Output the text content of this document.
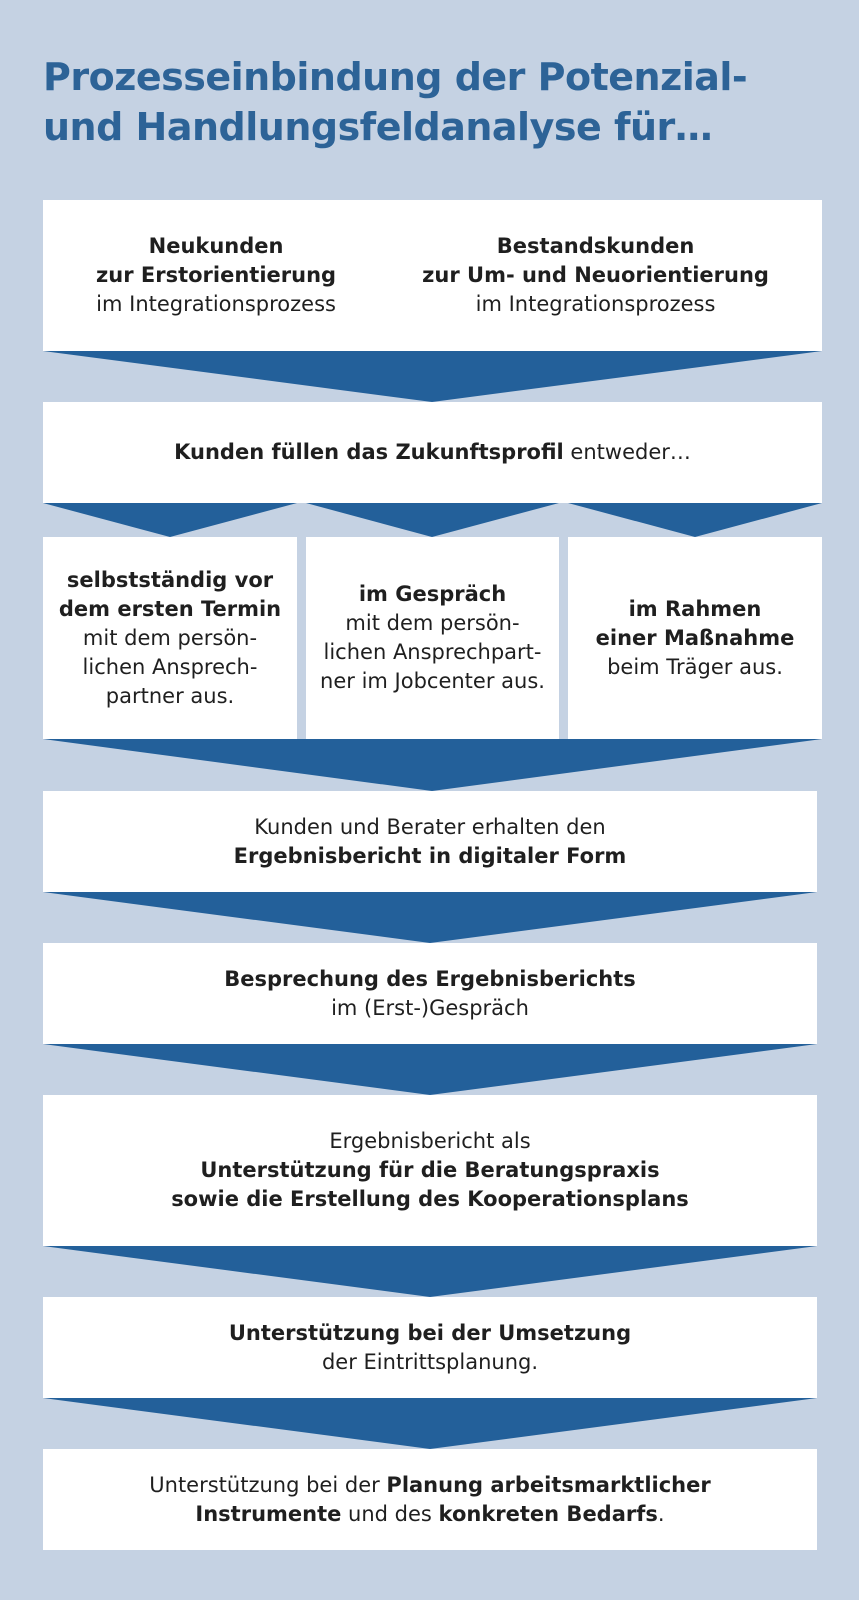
Prozesseinbindung der Potenzial-
und Handlungsfeldanalyse für…
Neukunden
zur Erstorientierung
im Integrationsprozess
Bestandskunden
zur Um- und Neuorientierung
im Integrationsprozess
Kunden füllen das Zukunftsprofil entweder…
selbstständig vor
dem ersten Termin
mit dem persön-
lichen Ansprech-
partner aus.
im Gespräch
mit dem persön-
lichen Ansprechpart-
ner im Jobcenter aus.
im Rahmen
einer Maßnahme
beim Träger aus.
Kunden und Berater erhalten den
Ergebnisbericht in digitaler Form
Besprechung des Ergebnisberichts
im (Erst-)Gespräch
Ergebnisbericht als
Unterstützung für die Beratungspraxis
sowie die Erstellung des Kooperationsplans
Unterstützung bei der Umsetzung
der Eintrittsplanung.
Unterstützung bei der Planung arbeitsmarktlicher
Instrumente und des konkreten Bedarfs.
